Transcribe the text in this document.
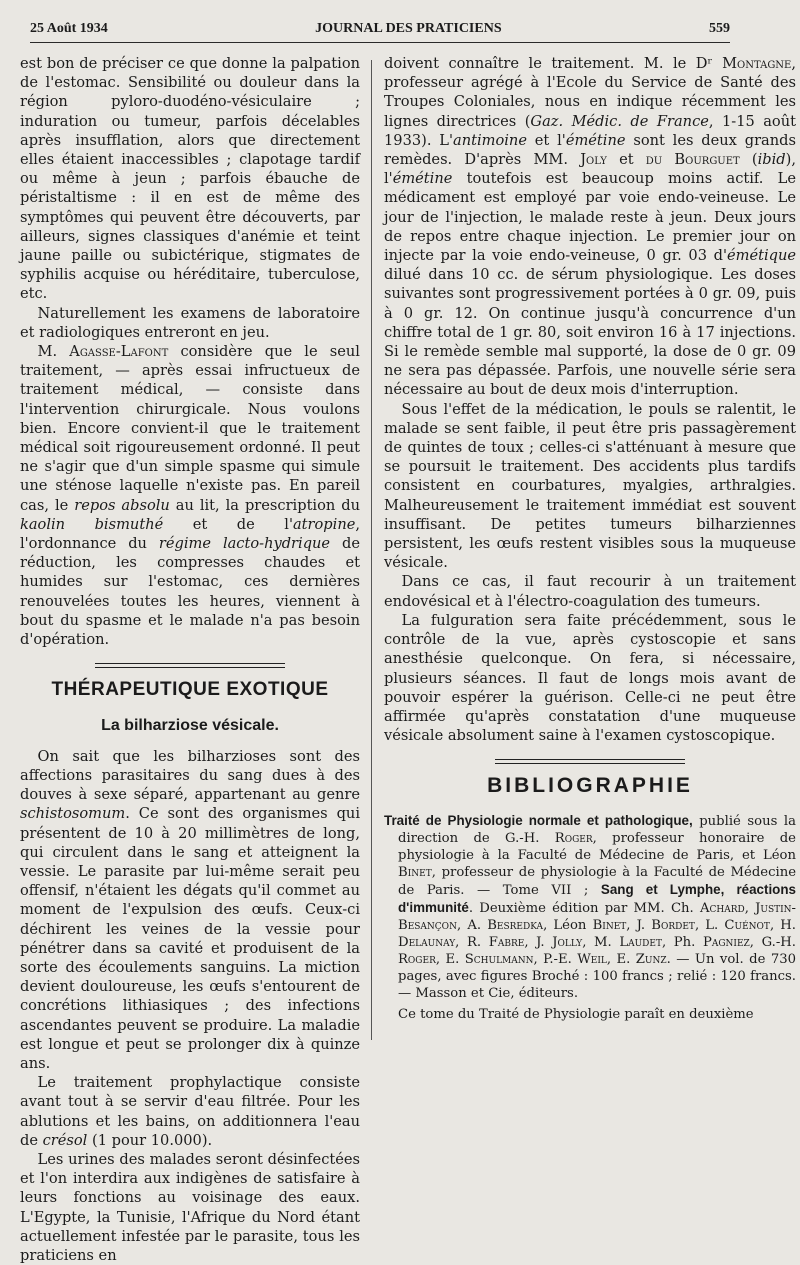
25 Août 1934	JOURNAL DES PRATICIENS	559

est bon de préciser ce que donne la palpation de l'estomac. Sensibilité ou douleur dans la région pyloro-duodéno-vésiculaire ; induration ou tumeur, parfois décelables après insufflation, alors que directement elles étaient inaccessibles ; clapotage tardif ou même à jeun ; parfois ébauche de péristaltisme : il en est de même des symptômes qui peuvent être découverts, par ailleurs, signes classiques d'anémie et teint jaune paille ou subictérique, stigmates de syphilis acquise ou héréditaire, tuberculose, etc.

Naturellement les examens de laboratoire et radiologiques entreront en jeu.

M. Agasse-Lafont considère que le seul traitement, — après essai infructueux de traitement médical, — consiste dans l'intervention chirurgicale. Nous voulons bien. Encore convient-il que le traitement médical soit rigoureusement ordonné. Il peut ne s'agir que d'un simple spasme qui simule une sténose laquelle n'existe pas. En pareil cas, le repos absolu au lit, la prescription du kaolin bismuthé et de l'atropine, l'ordonnance du régime lacto-hydrique de réduction, les compresses chaudes et humides sur l'estomac, ces dernières renouvelées toutes les heures, viennent à bout du spasme et le malade n'a pas besoin d'opération.

THÉRAPEUTIQUE EXOTIQUE
La bilharziose vésicale.

On sait que les bilharzioses sont des affections parasitaires du sang dues à des douves à sexe séparé, appartenant au genre schistosomum. Ce sont des organismes qui présentent de 10 à 20 millimètres de long, qui circulent dans le sang et atteignent la vessie. Le parasite par lui-même serait peu offensif, n'étaient les dégats qu'il commet au moment de l'expulsion des œufs. Ceux-ci déchirent les veines de la vessie pour pénétrer dans sa cavité et produisent de la sorte des écoulements sanguins. La miction devient douloureuse, les œufs s'entourent de concrétions lithiasiques ; des infections ascendantes peuvent se produire. La maladie est longue et peut se prolonger dix à quinze ans.

Le traitement prophylactique consiste avant tout à se servir d'eau filtrée. Pour les ablutions et les bains, on additionnera l'eau de crésol (1 pour 10.000).

Les urines des malades seront désinfectées et l'on interdira aux indigènes de satisfaire à leurs fonctions au voisinage des eaux. L'Egypte, la Tunisie, l'Afrique du Nord étant actuellement infestée par le parasite, tous les praticiens en

doivent connaître le traitement. M. le Dʳ Montagne, professeur agrégé à l'Ecole du Service de Santé des Troupes Coloniales, nous en indique récemment les lignes directrices (Gaz. Médic. de France, 1-15 août 1933). L'antimoine et l'émétine sont les deux grands remèdes. D'après MM. Joly et du Bourguet (ibid), l'émétine toutefois est beaucoup moins actif. Le médicament est employé par voie endo-veineuse. Le jour de l'injection, le malade reste à jeun. Deux jours de repos entre chaque injection. Le premier jour on injecte par la voie endo-veineuse, 0 gr. 03 d'émétique dilué dans 10 cc. de sérum physiologique. Les doses suivantes sont progressivement portées à 0 gr. 09, puis à 0 gr. 12. On continue jusqu'à concurrence d'un chiffre total de 1 gr. 80, soit environ 16 à 17 injections. Si le remède semble mal supporté, la dose de 0 gr. 09 ne sera pas dépassée. Parfois, une nouvelle série sera nécessaire au bout de deux mois d'interruption.

Sous l'effet de la médication, le pouls se ralentit, le malade se sent faible, il peut être pris passagèrement de quintes de toux ; celles-ci s'atténuant à mesure que se poursuit le traitement. Des accidents plus tardifs consistent en courbatures, myalgies, arthralgies. Malheureusement le traitement immédiat est souvent insuffisant. De petites tumeurs bilharziennes persistent, les œufs restent visibles sous la muqueuse vésicale.

Dans ce cas, il faut recourir à un traitement endovésical et à l'électro-coagulation des tumeurs.

La fulguration sera faite précédemment, sous le contrôle de la vue, après cystoscopie et sans anesthésie quelconque. On fera, si nécessaire, plusieurs séances. Il faut de longs mois avant de pouvoir espérer la guérison. Celle-ci ne peut être affirmée qu'après constatation d'une muqueuse vésicale absolument saine à l'examen cystoscopique.

BIBLIOGRAPHIE

Traité de Physiologie normale et pathologique, publié sous la direction de G.-H. Roger, professeur honoraire de physiologie à la Faculté de Médecine de Paris, et Léon Binet, professeur de physiologie à la Faculté de Médecine de Paris. — Tome VII ; Sang et Lymphe, réactions d'immunité. Deuxième édition par MM. Ch. Achard, Justin-Besançon, A. Besredka, Léon Binet, J. Bordet, L. Cuénot, H. Delaunay, R. Fabre, J. Jolly, M. Laudet, Ph. Pagniez, G.-H. Roger, E. Schulmann, P.-E. Weil, E. Zunz. — Un vol. de 730 pages, avec figures Broché : 100 francs ; relié : 120 francs. — Masson et Cie, éditeurs.

Ce tome du Traité de Physiologie paraît en deuxième
